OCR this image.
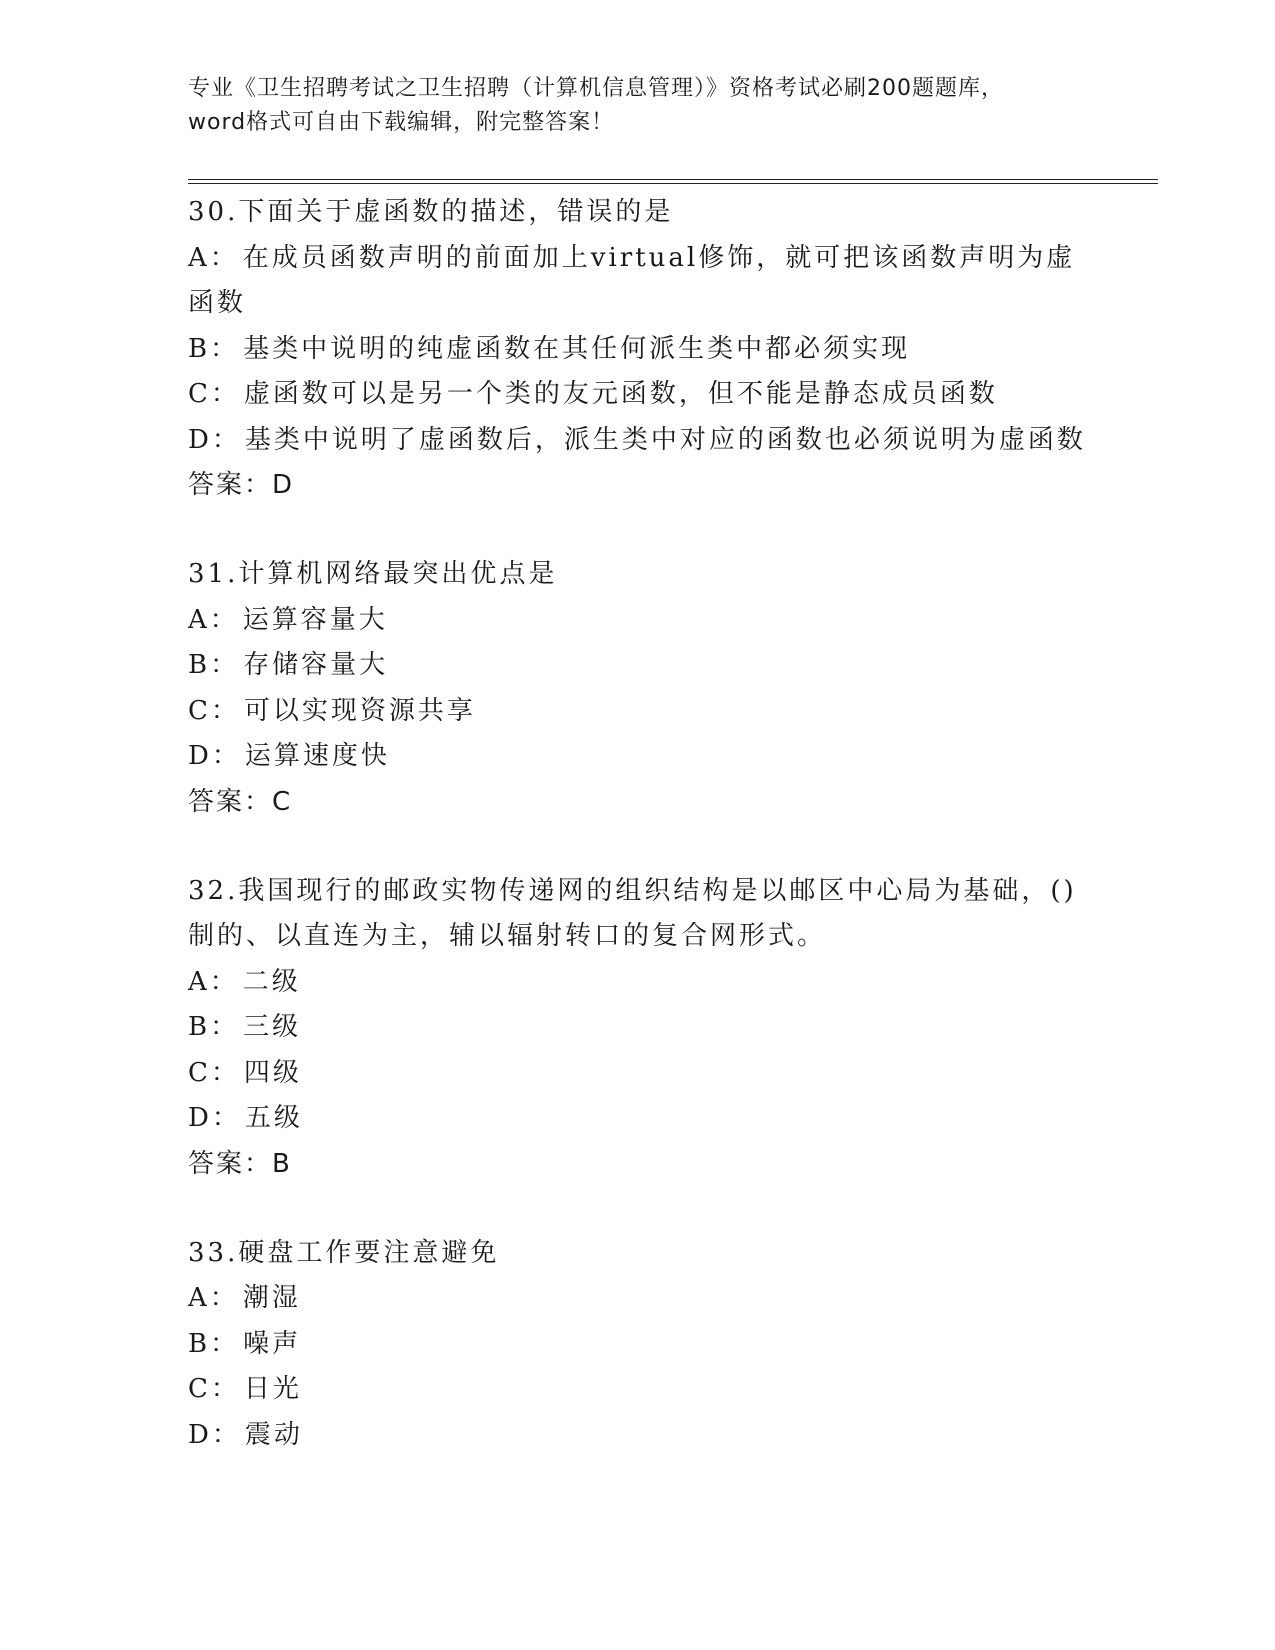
专业《卫生招聘考试之卫生招聘（计算机信息管理）》资格考试必刷200题题库，
word格式可自由下载编辑，附完整答案！

30.下面关于虚函数的描述，错误的是

A： 在成员函数声明的前面加上virtual修饰，就可把该函数声明为虚函数

B： 基类中说明的纯虚函数在其任何派生类中都必须实现

C： 虚函数可以是另一个类的友元函数，但不能是静态成员函数

D： 基类中说明了虚函数后，派生类中对应的函数也必须说明为虚函数

答案：D

31.计算机网络最突出优点是

A： 运算容量大

B： 存储容量大

C： 可以实现资源共享

D： 运算速度快

答案：C

32.我国现行的邮政实物传递网的组织结构是以邮区中心局为基础，()制的、以直连为主，辅以辐射转口的复合网形式。

A： 二级

B： 三级

C： 四级

D： 五级

答案：B

33.硬盘工作要注意避免

A： 潮湿

B： 噪声

C： 日光

D： 震动
